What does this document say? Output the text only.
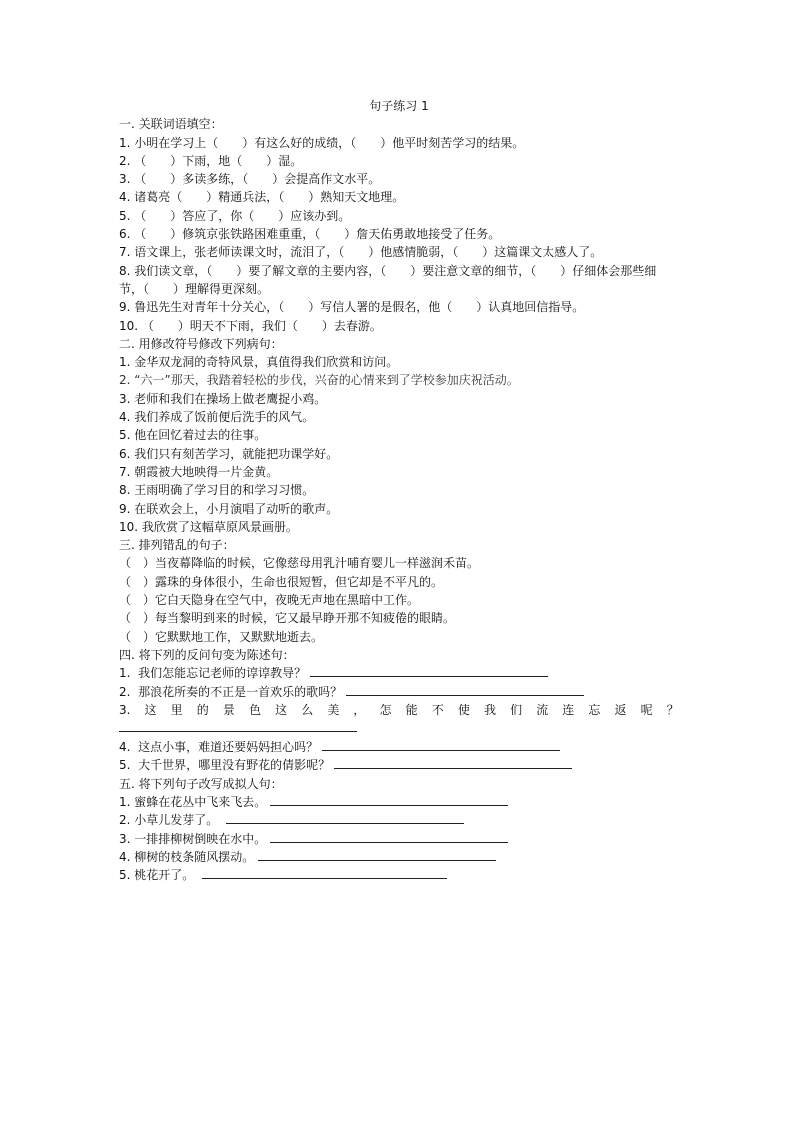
句子练习 1
一. 关联词语填空：
1. 小明在学习上（　　）有这么好的成绩，（　　）他平时刻苦学习的结果。
2. （　　）下雨，地（　　）湿。
3. （　　）多读多练，（　　）会提高作文水平。
4. 诸葛亮（　　）精通兵法，（　　）熟知天文地理。
5. （　　）答应了，你（　　）应该办到。
6. （　　）修筑京张铁路困难重重，（　　）詹天佑勇敢地接受了任务。
7. 语文课上，张老师读课文时，流泪了，（　　）他感情脆弱，（　　）这篇课文太感人了。
8. 我们读文章，（　　）要了解文章的主要内容，（　　）要注意文章的细节，（　　）仔细体会那些细节，（　　）理解得更深刻。
9. 鲁迅先生对青年十分关心，（　　）写信人署的是假名，他（　　）认真地回信指导。
10. （　　）明天不下雨，我们（　　）去春游。
二. 用修改符号修改下列病句：
1. 金华双龙洞的奇特风景，真值得我们欣赏和访问。
2. “六一”那天，我踏着轻松的步伐，兴奋的心情来到了学校参加庆祝活动。
3. 老师和我们在操场上做老鹰捉小鸡。
4. 我们养成了饭前便后洗手的风气。
5. 他在回忆着过去的往事。
6. 我们只有刻苦学习，就能把功课学好。
7. 朝霞被大地映得一片金黄。
8. 王雨明确了学习目的和学习习惯。
9. 在联欢会上，小月演唱了动听的歌声。
10. 我欣赏了这幅草原风景画册。
三. 排列错乱的句子：
（　）当夜幕降临的时候，它像慈母用乳汁哺育婴儿一样滋润禾苗。
（　）露珠的身体很小，生命也很短暂，但它却是不平凡的。
（　）它白天隐身在空气中，夜晚无声地在黑暗中工作。
（　）每当黎明到来的时候，它又最早睁开那不知疲倦的眼睛。
（　）它默默地工作，又默默地逝去。
四. 将下列的反问句变为陈述句：
1.  我们怎能忘记老师的谆谆教导？
2.  那浪花所奏的不正是一首欢乐的歌吗？
3. 这 里 的 景 色 这 么 美 ， 怎 能 不 使 我 们 流 连 忘 返 呢 ？
4.  这点小事，难道还要妈妈担心吗？
5.  大千世界，哪里没有野花的倩影呢？
五. 将下列句子改写成拟人句：
1. 蜜蜂在花丛中飞来飞去。
2. 小草儿发芽了。
3. 一排排柳树倒映在水中。
4. 柳树的枝条随风摆动。
5. 桃花开了。
